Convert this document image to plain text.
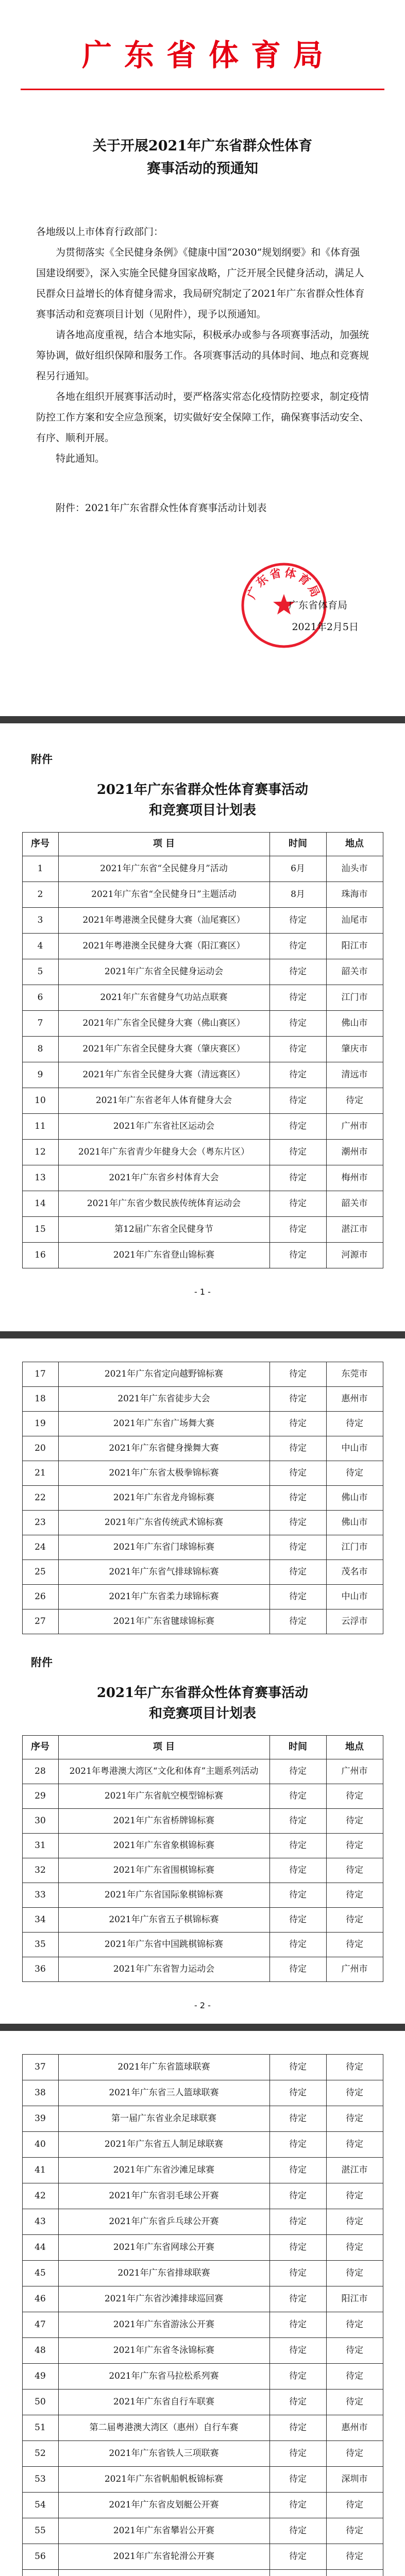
广东省体育局
关于开展2021年广东省群众性体育
赛事活动的预通知

各地级以上市体育行政部门：

为贯彻落实《全民健身条例》《健康中国“2030”规划纲要》和《体育强国建设纲要》，深入实施全民健身国家战略，广泛开展全民健身活动，满足人民群众日益增长的体育健身需求，我局研究制定了2021年广东省群众性体育赛事活动和竞赛项目计划（见附件），现予以预通知。

请各地高度重视，结合本地实际，积极承办或参与各项赛事活动，加强统筹协调，做好组织保障和服务工作。各项赛事活动的具体时间、地点和竞赛规程另行通知。

各地在组织开展赛事活动时，要严格落实常态化疫情防控要求，制定疫情防控工作方案和安全应急预案，切实做好安全保障工作，确保赛事活动安全、有序、顺利开展。

特此通知。

附件：2021年广东省群众性体育赛事活动计划表

广东省体育局
广东省体育局
2021年2月5日
附件
2021年广东省群众性体育赛事活动
和竞赛项目计划表
序号	项 目	时间	地点
1	2021年广东省“全民健身月”活动	6月	汕头市
2	2021年广东省“全民健身日”主题活动	8月	珠海市
3	2021年粤港澳全民健身大赛（汕尾赛区）	待定	汕尾市
4	2021年粤港澳全民健身大赛（阳江赛区）	待定	阳江市
5	2021年广东省全民健身运动会	待定	韶关市
6	2021年广东省健身气功站点联赛	待定	江门市
7	2021年广东省全民健身大赛（佛山赛区）	待定	佛山市
8	2021年广东省全民健身大赛（肇庆赛区）	待定	肇庆市
9	2021年广东省全民健身大赛（清远赛区）	待定	清远市
10	2021年广东省老年人体育健身大会	待定	待定
11	2021年广东省社区运动会	待定	广州市
12	2021年广东省青少年健身大会（粤东片区）	待定	潮州市
13	2021年广东省乡村体育大会	待定	梅州市
14	2021年广东省少数民族传统体育运动会	待定	韶关市
15	第12届广东省全民健身节	待定	湛江市
16	2021年广东省登山锦标赛	待定	河源市
- 1 -
17	2021年广东省定向越野锦标赛	待定	东莞市
18	2021年广东省徒步大会	待定	惠州市
19	2021年广东省广场舞大赛	待定	待定
20	2021年广东省健身操舞大赛	待定	中山市
21	2021年广东省太极拳锦标赛	待定	待定
22	2021年广东省龙舟锦标赛	待定	佛山市
23	2021年广东省传统武术锦标赛	待定	佛山市
24	2021年广东省门球锦标赛	待定	江门市
25	2021年广东省气排球锦标赛	待定	茂名市
26	2021年广东省柔力球锦标赛	待定	中山市
27	2021年广东省毽球锦标赛	待定	云浮市
附件
2021年广东省群众性体育赛事活动
和竞赛项目计划表
序号	项 目	时间	地点
28	2021年粤港澳大湾区“文化和体育”主题系列活动	待定	广州市
29	2021年广东省航空模型锦标赛	待定	待定
30	2021年广东省桥牌锦标赛	待定	待定
31	2021年广东省象棋锦标赛	待定	待定
32	2021年广东省围棋锦标赛	待定	待定
33	2021年广东省国际象棋锦标赛	待定	待定
34	2021年广东省五子棋锦标赛	待定	待定
35	2021年广东省中国跳棋锦标赛	待定	待定
36	2021年广东省智力运动会	待定	广州市
- 2 -
37	2021年广东省篮球联赛	待定	待定
38	2021年广东省三人篮球联赛	待定	待定
39	第一届广东省业余足球联赛	待定	待定
40	2021年广东省五人制足球联赛	待定	待定
41	2021年广东省沙滩足球赛	待定	湛江市
42	2021年广东省羽毛球公开赛	待定	待定
43	2021年广东省乒乓球公开赛	待定	待定
44	2021年广东省网球公开赛	待定	待定
45	2021年广东省排球联赛	待定	待定
46	2021年广东省沙滩排球巡回赛	待定	阳江市
47	2021年广东省游泳公开赛	待定	待定
48	2021年广东省冬泳锦标赛	待定	待定
49	2021年广东省马拉松系列赛	待定	待定
50	2021年广东省自行车联赛	待定	待定
51	第二届粤港澳大湾区（惠州）自行车赛	待定	惠州市
52	2021年广东省铁人三项联赛	待定	待定
53	2021年广东省帆船帆板锦标赛	待定	深圳市
54	2021年广东省皮划艇公开赛	待定	待定
55	2021年广东省攀岩公开赛	待定	待定
56	2021年广东省轮滑公开赛	待定	待定
